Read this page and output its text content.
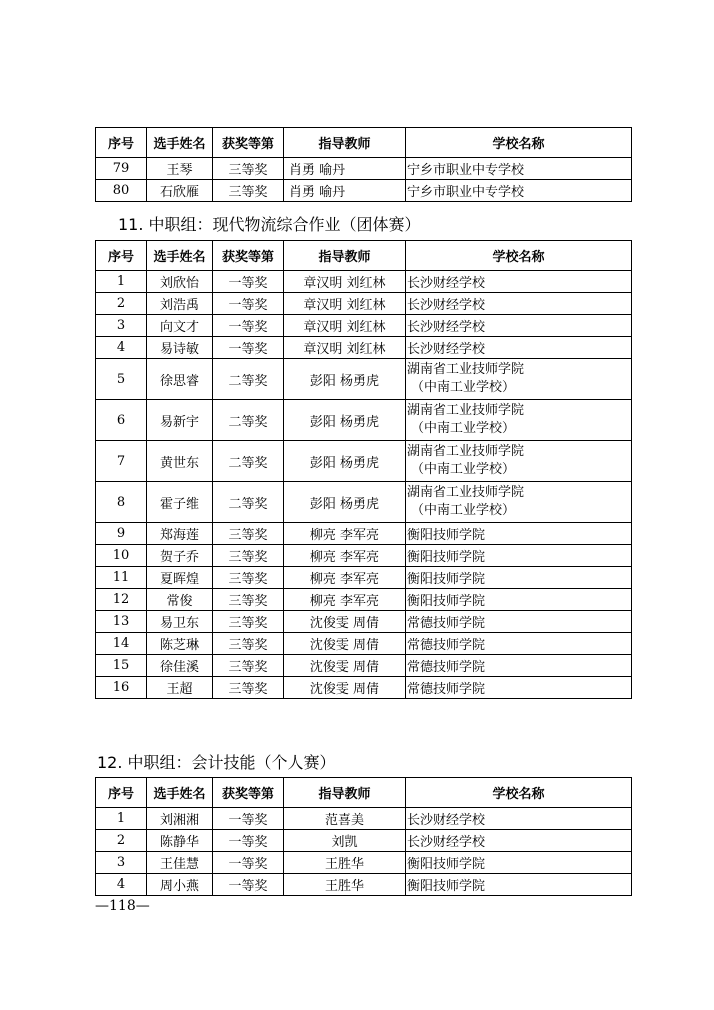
序号	选手姓名	获奖等第	指导教师	学校名称
79	王琴	三等奖	肖勇 喻丹	宁乡市职业中专学校
80	石欣雁	三等奖	肖勇 喻丹	宁乡市职业中专学校
11. 中职组：现代物流综合作业（团体赛）
序号	选手姓名	获奖等第	指导教师	学校名称
1	刘欣怡	一等奖	章汉明 刘红林	长沙财经学校
2	刘浩禹	一等奖	章汉明 刘红林	长沙财经学校
3	向文才	一等奖	章汉明 刘红林	长沙财经学校
4	易诗敏	一等奖	章汉明 刘红林	长沙财经学校
5	徐思睿	二等奖	彭阳 杨勇虎	湖南省工业技师学院
（中南工业学校）

6	易新宇	二等奖	彭阳 杨勇虎	湖南省工业技师学院
（中南工业学校）

7	黄世东	二等奖	彭阳 杨勇虎	湖南省工业技师学院
（中南工业学校）

8	霍子维	二等奖	彭阳 杨勇虎	湖南省工业技师学院
（中南工业学校）

9	郑海莲	三等奖	柳亮 李军亮	衡阳技师学院
10	贺子乔	三等奖	柳亮 李军亮	衡阳技师学院
11	夏晖煌	三等奖	柳亮 李军亮	衡阳技师学院
12	常俊	三等奖	柳亮 李军亮	衡阳技师学院
13	易卫东	三等奖	沈俊雯 周倩	常德技师学院
14	陈芝琳	三等奖	沈俊雯 周倩	常德技师学院
15	徐佳溪	三等奖	沈俊雯 周倩	常德技师学院
16	王超	三等奖	沈俊雯 周倩	常德技师学院
12. 中职组：会计技能（个人赛）
序号	选手姓名	获奖等第	指导教师	学校名称
1	刘湘湘	一等奖	范喜美	长沙财经学校
2	陈静华	一等奖	刘凯	长沙财经学校
3	王佳慧	一等奖	王胜华	衡阳技师学院
4	周小燕	一等奖	王胜华	衡阳技师学院
—118—
